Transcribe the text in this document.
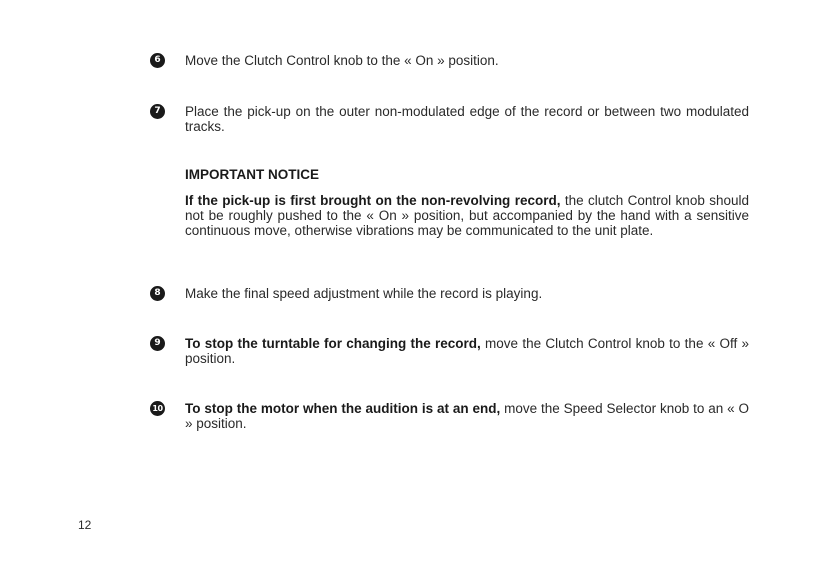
6	Move the Clutch Control knob to the « On » position.
7	Place the pick-up on the outer non-modulated edge of the record or between two modulated tracks.
IMPORTANT NOTICE
If the pick-up is first brought on the non-revolving record, the clutch Control knob should not be roughly pushed to the « On » position, but accompanied by the hand with a sensitive continuous move, otherwise vibrations may be communicated to the unit plate.
8	Make the final speed adjustment while the record is playing.
9	To stop the turntable for changing the record, move the Clutch Control knob to the « Off » position.
10 To stop the motor when the audition is at an end, move the Speed Selector knob to an « O » position.
12
